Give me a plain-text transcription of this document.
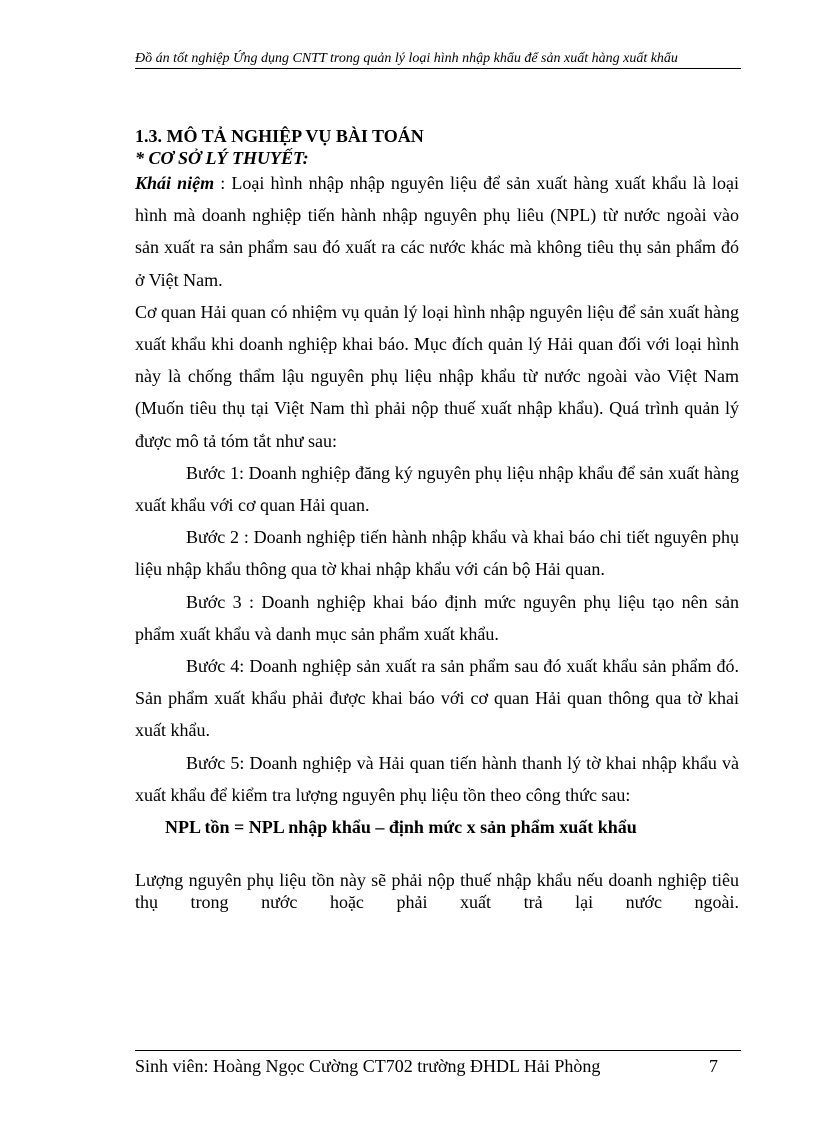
Đồ án tốt nghiệp Ứng dụng CNTT trong quản lý loại hình nhập khẩu để sản xuất hàng xuất khẩu
1.3. MÔ TẢ NGHIỆP VỤ BÀI TOÁN
* CƠ SỞ LÝ THUYẾT:

Khái niệm : Loại hình nhập nhập nguyên liệu để sản xuất hàng xuất khẩu là loại hình mà doanh nghiệp tiến hành nhập nguyên phụ liêu (NPL) từ nước ngoài vào sản xuất ra sản phẩm sau đó xuất ra các nước khác mà không tiêu thụ sản phẩm đó ở Việt Nam.

Cơ quan Hải quan có nhiệm vụ quản lý loại hình nhập nguyên liệu để sản xuất hàng xuất khẩu khi doanh nghiệp khai báo. Mục đích quản lý Hải quan đối với loại hình này là chống thẩm lậu nguyên phụ liệu nhập khẩu từ nước ngoài vào Việt Nam (Muốn tiêu thụ tại Việt Nam thì phải nộp thuế xuất nhập khẩu). Quá trình quản lý được mô tả tóm tắt như sau:

Bước 1: Doanh nghiệp đăng ký nguyên phụ liệu nhập khẩu để sản xuất hàng xuất khẩu với cơ quan Hải quan.

Bước 2 : Doanh nghiệp tiến hành nhập khẩu và khai báo chi tiết nguyên phụ liệu nhập khẩu thông qua tờ khai nhập khẩu với cán bộ Hải quan.

Bước 3 : Doanh nghiệp khai báo định mức nguyên phụ liệu tạo nên sản phẩm xuất khẩu và danh mục sản phẩm xuất khẩu.

Bước 4: Doanh nghiệp sản xuất ra sản phẩm sau đó xuất khẩu sản phẩm đó. Sản phẩm xuất khẩu phải được khai báo với cơ quan Hải quan thông qua tờ khai xuất khẩu.

Bước 5: Doanh nghiệp và Hải quan tiến hành thanh lý tờ khai nhập khẩu và xuất khẩu để kiểm tra lượng nguyên phụ liệu tồn theo công thức sau:

NPL tồn = NPL nhập khẩu – định mức x sản phẩm xuất khẩu

Lượng nguyên phụ liệu tồn này sẽ phải nộp thuế nhập khẩu nếu doanh nghiệp tiêu thụ trong nước hoặc phải xuất trả lại nước ngoài.

Sinh viên: Hoàng Ngọc Cường CT702 trường ĐHDL Hải Phòng	7
